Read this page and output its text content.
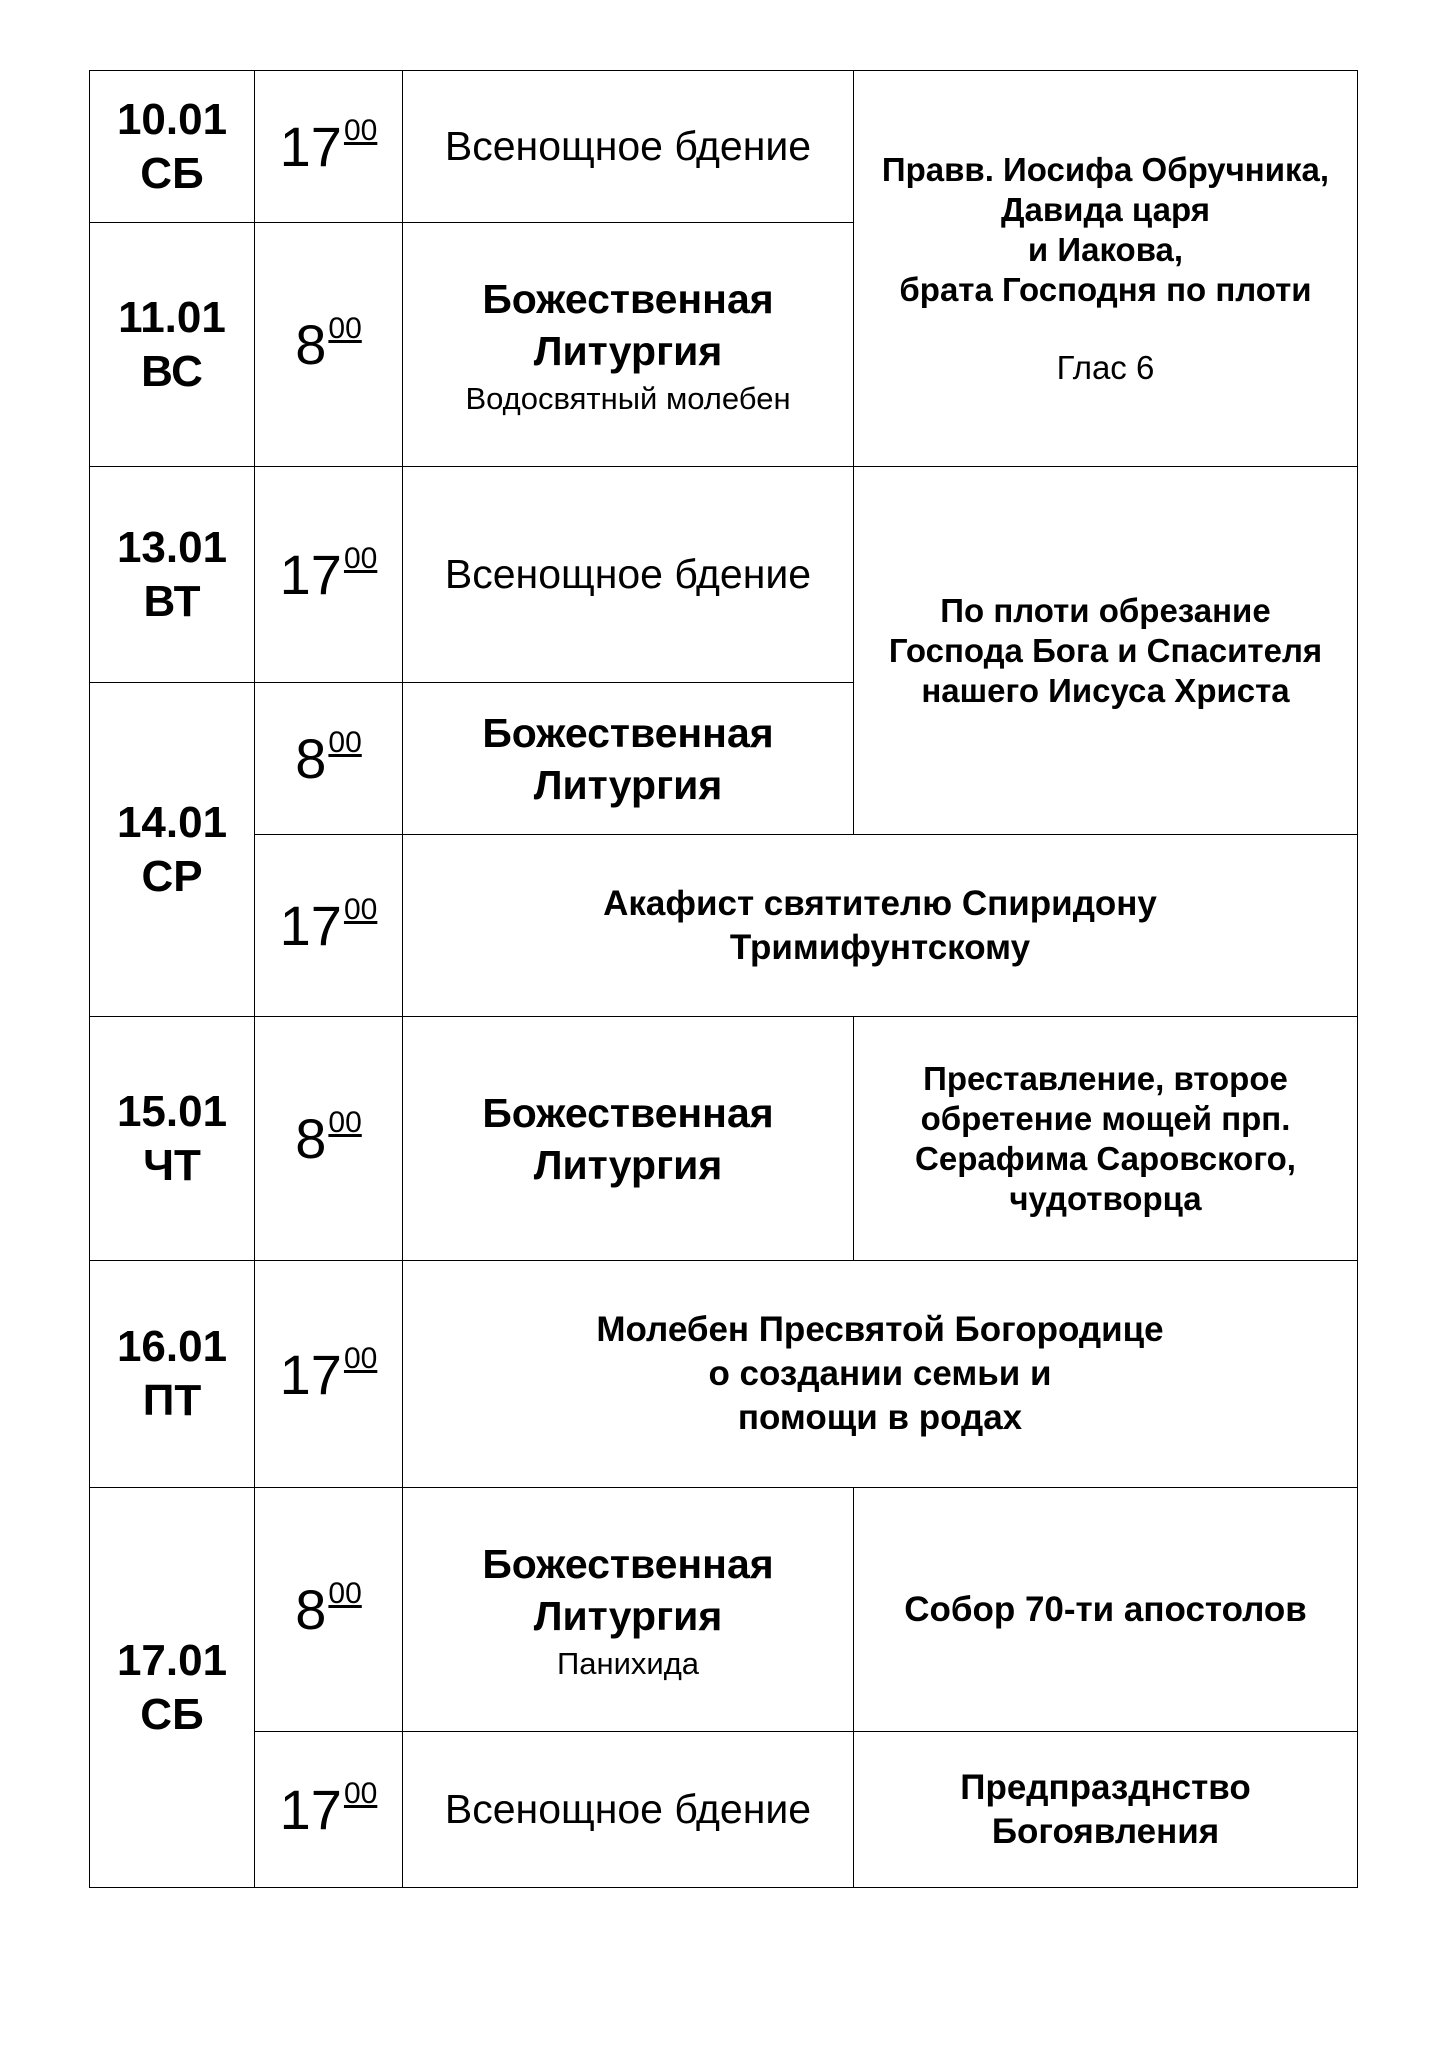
10.01
СБ	$17^{00}$	Всенощное бдение	Правв. Иосифа Обручника,
Давида царя
и Иакова,
брата Господня по плоти
Глас 6

11.01
ВС	$8^{00}$	Божественная
Литургия
Водосвятный молебен	

13.01
ВТ	$17^{00}$	Всенощное бдение	По плоти обрезание
Господа Бога и Спасителя
нашего Иисуса Христа

14.01
СР	$8^{00}$	Божественная
Литургия	

	$17^{00}$	Акафист святителю Спиридону
Тримифунтскому	

15.01
ЧТ	$8^{00}$	Божественная
Литургия	Преставление, второе
обретение мощей прп.
Серафима Саровского,
чудотворца

16.01
ПТ	$17^{00}$	Молебен Пресвятой Богородице
о создании семьи и
помощи в родах	

17.01
СБ	$8^{00}$	Божественная
Литургия
Панихида	Собор 70-ти апостолов

	$17^{00}$	Всенощное бдение	Предпразднство
Богоявления
